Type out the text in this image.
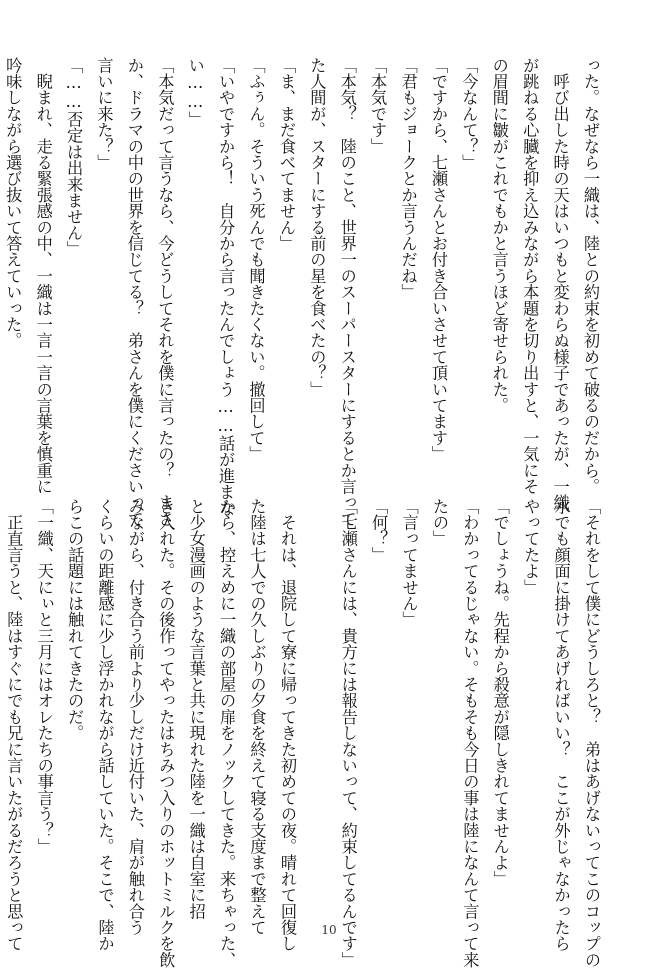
った。なぜなら一織は、陸との約束を初めて破るのだから。
　呼び出した時の天はいつもと変わらぬ様子であったが、一織
が跳ねる心臓を抑え込みながら本題を切り出すと、一気にそ
の眉間に皺がこれでもかと言うほど寄せられた。
「今なんて？」
「ですから、七瀬さんとお付き合いさせて頂いてます」
「君もジョークとか言うんだね」
「本気です」
「本気？　陸のこと、世界一のスーパースターにするとか言って
た人間が、スターにする前の星を食べたの？」
「ま、まだ食べてません」
「ふぅん。そういう死んでも聞きたくない。撤回して」
「いやですから！　自分から言ったんでしょう……話が進まな
い……」
「本気だって言うなら、今どうしてそれを僕に言ったの？　まさ
か、ドラマの中の世界を信じてる？　弟さんを僕にくださいって
言いに来た？」
「……否定は出来ません」
　睨まれ、走る緊張感の中、一織は一言一言の言葉を慎重に
吟味しながら選び抜いて答えていった。
「それをして僕にどうしろと？　弟はあげないってこのコップの
水でも顔面に掛けてあげればいい？　ここが外じゃなかったら
やってたよ」
「でしょうね。先程から殺意が隠しきれてませんよ」
「わかってるじゃない。そもそも今日の事は陸になんて言って来
たの」
「言ってません」
「何？」
「七瀬さんには、貴方には報告しないって、約束してるんです」

　それは、退院して寮に帰ってきた初めての夜。晴れて回復し
た陸は七人での久しぶりの夕食を終えて寝る支度まで整えて
から、控えめに一織の部屋の扉をノックしてきた。来ちゃった、
と少女漫画のような言葉と共に現れた陸を一織は自室に招
き入れた。その後作ってやったはちみつ入りのホットミルクを飲
みながら、付き合う前より少しだけ近付いた、肩が触れ合う
くらいの距離感に少し浮かれながら話していた。そこで、陸か
らこの話題には触れてきたのだ。
「一織、天にぃと三月にはオレたちの事言う？」
　正直言うと、陸はすぐにでも兄に言いたがるだろうと思って	10
